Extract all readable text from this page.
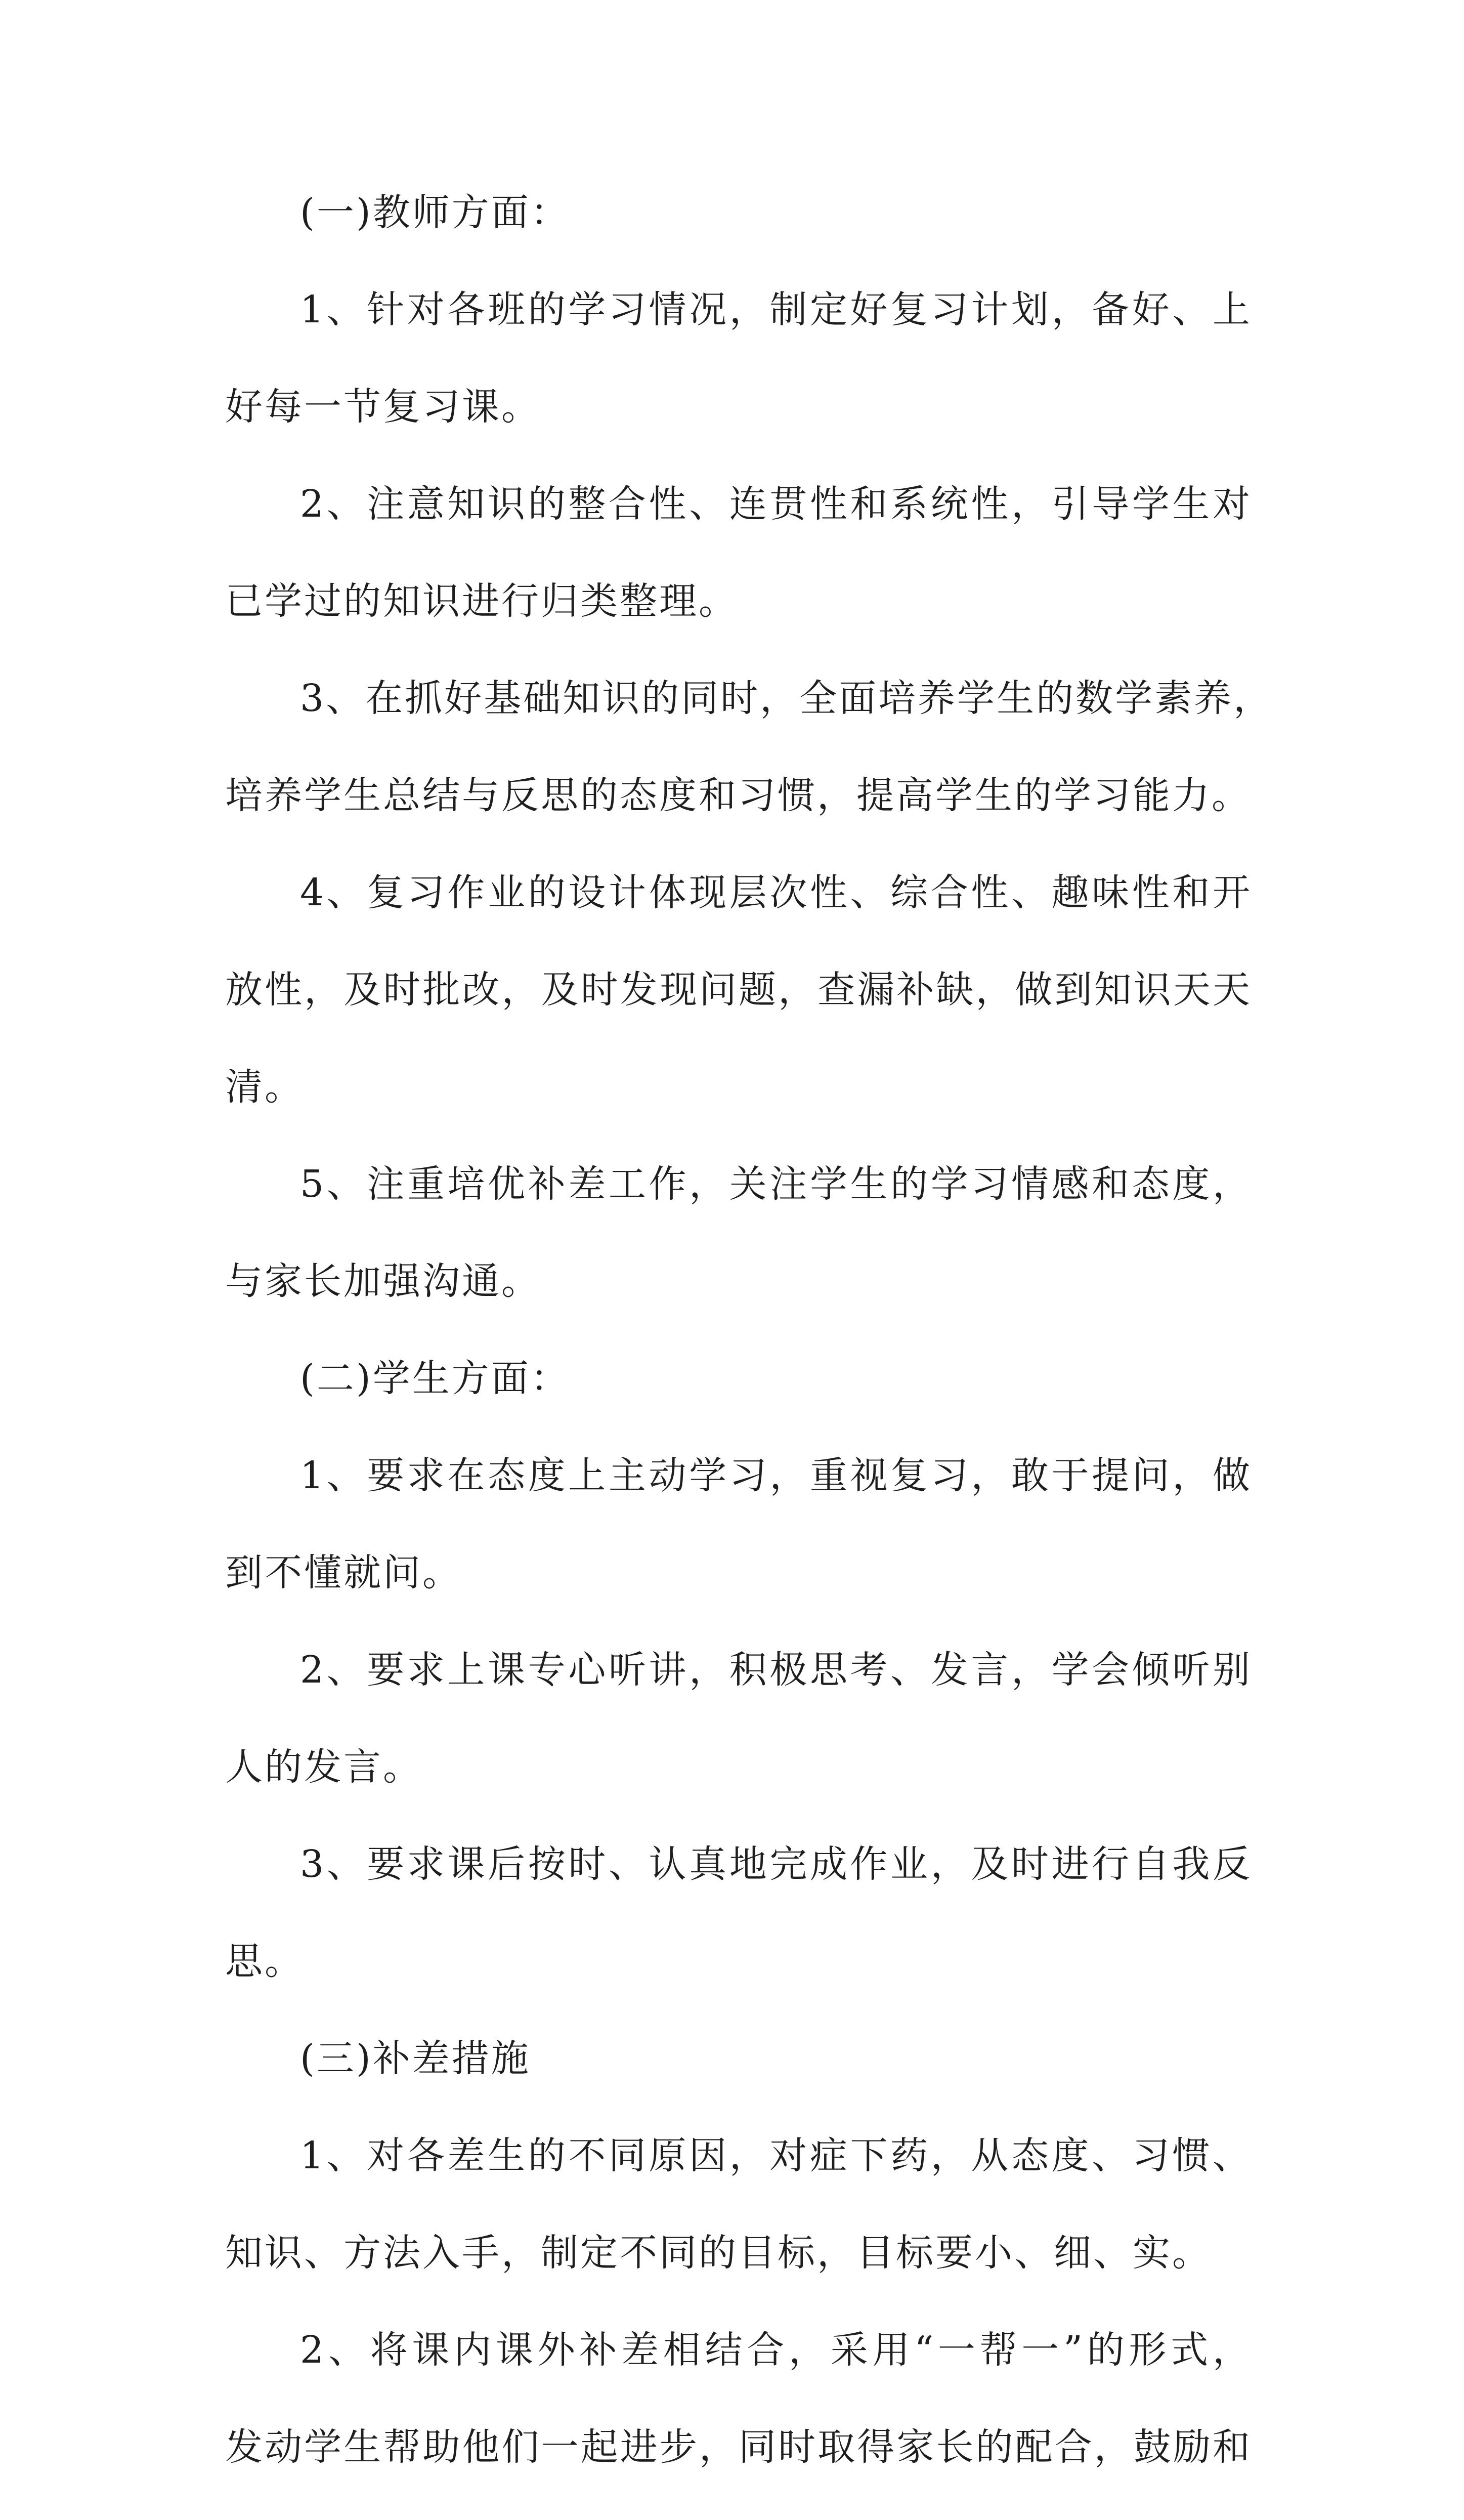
(一)教师方面：
1、针对各班的学习情况，制定好复习计划，备好、上
好每一节复习课。
2、注意知识的整合性、连贯性和系统性，引导学生对
已学过的知识进行归类整理。
3、在抓好基础知识的同时，全面培养学生的数学素养，
培养学生总结与反思的态度和习惯，提高学生的学习能力。
4、复习作业的设计体现层次性、综合性、趣味性和开
放性，及时批改，及时发现问题，查漏补缺，做到知识天天
清。
5、注重培优补差工作，关注学生的学习情感和态度，
与家长加强沟通。
(二)学生方面：
1、要求在态度上主动学习，重视复习，敢于提问，做
到不懂就问。
2、要求上课专心听讲，积极思考、发言，学会倾听别
人的发言。
3、要求课后按时、认真地完成作业，及时进行自我反
思。
(三)补差措施
1、对各差生的不同原因，对症下药，从态度、习惯、
知识、方法入手，制定不同的目标，目标要小、细、实。
2、将课内课外补差相结合，采用“一帮一”的形式，
发动学生帮助他们一起进步，同时取得家长的配合，鼓励和
